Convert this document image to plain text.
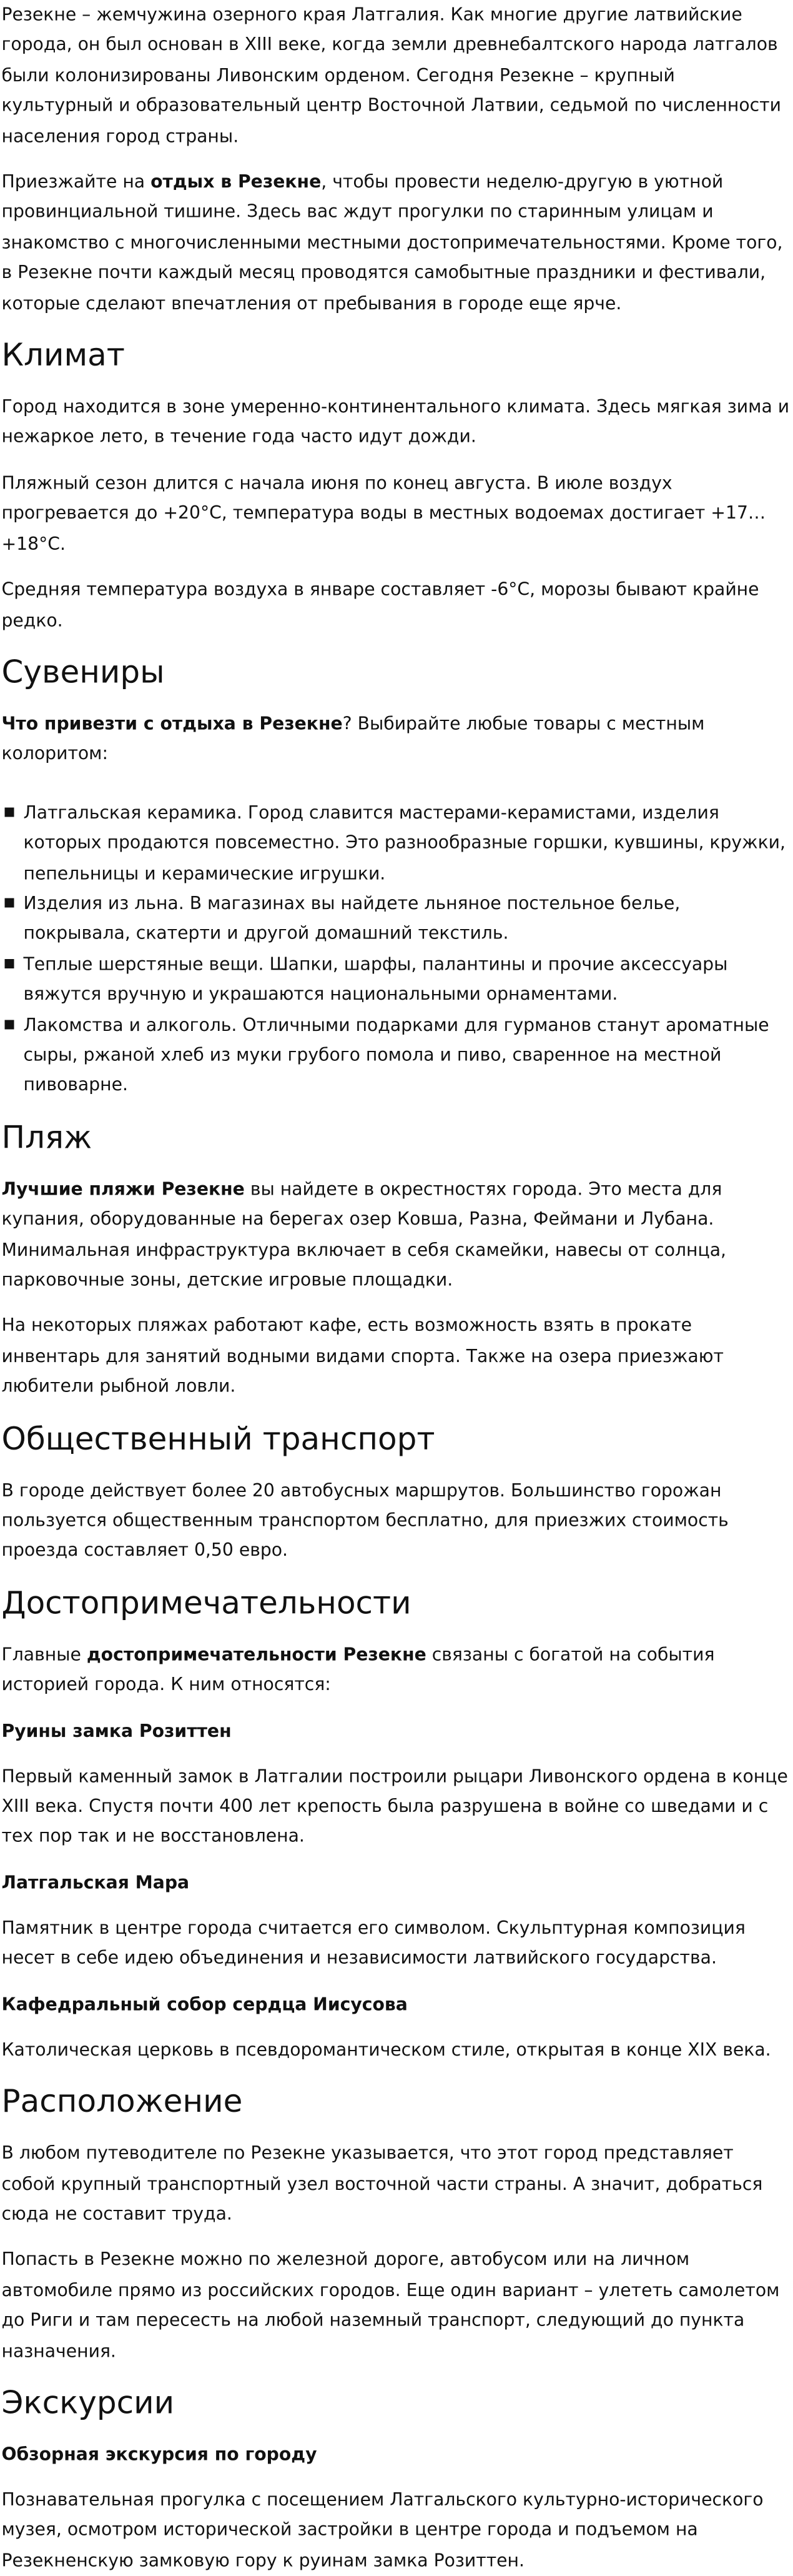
Резекне – жемчужина озерного края Латгалия. Как многие другие латвийские города, он был основан в XIII веке, когда земли древнебалтского народа латгалов были колонизированы Ливонским орденом. Сегодня Резекне – крупный культурный и образовательный центр Восточной Латвии, седьмой по численности населения город страны.

Приезжайте на отдых в Резекне, чтобы провести неделю-другую в уютной провинциальной тишине. Здесь вас ждут прогулки по старинным улицам и знакомство с многочисленными местными достопримечательностями. Кроме того, в Резекне почти каждый месяц проводятся самобытные праздники и фестивали, которые сделают впечатления от пребывания в городе еще ярче.

Климат

Город находится в зоне умеренно-континентального климата. Здесь мягкая зима и нежаркое лето, в течение года часто идут дожди.

Пляжный сезон длится с начала июня по конец августа. В июле воздух прогревается до +20°C, температура воды в местных водоемах достигает +17…+18°C.

Средняя температура воздуха в январе составляет -6°C, морозы бывают крайне редко.

Сувениры

Что привезти с отдыха в Резекне? Выбирайте любые товары с местным колоритом:

Латгальская керамика. Город славится мастерами-керамистами, изделия которых продаются повсеместно. Это разнообразные горшки, кувшины, кружки, пепельницы и керамические игрушки.
Изделия из льна. В магазинах вы найдете льняное постельное белье, покрывала, скатерти и другой домашний текстиль.
Теплые шерстяные вещи. Шапки, шарфы, палантины и прочие аксессуары вяжутся вручную и украшаются национальными орнаментами.
Лакомства и алкоголь. Отличными подарками для гурманов станут ароматные сыры, ржаной хлеб из муки грубого помола и пиво, сваренное на местной пивоварне.
Пляж

Лучшие пляжи Резекне вы найдете в окрестностях города. Это места для купания, оборудованные на берегах озер Ковша, Разна, Феймани и Лубана. Минимальная инфраструктура включает в себя скамейки, навесы от солнца, парковочные зоны, детские игровые площадки.

На некоторых пляжах работают кафе, есть возможность взять в прокате инвентарь для занятий водными видами спорта. Также на озера приезжают любители рыбной ловли.

Общественный транспорт

В городе действует более 20 автобусных маршрутов. Большинство горожан пользуется общественным транспортом бесплатно, для приезжих стоимость проезда составляет 0,50 евро.

Достопримечательности

Главные достопримечательности Резекне связаны с богатой на события историей города. К ним относятся:

Руины замка Розиттен

Первый каменный замок в Латгалии построили рыцари Ливонского ордена в конце XIII века. Спустя почти 400 лет крепость была разрушена в войне со шведами и с тех пор так и не восстановлена.

Латгальская Мара

Памятник в центре города считается его символом. Скульптурная композиция несет в себе идею объединения и независимости латвийского государства.

Кафедральный собор сердца Иисусова

Католическая церковь в псевдоромантическом стиле, открытая в конце XIX века.

Расположение

В любом путеводителе по Резекне указывается, что этот город представляет собой крупный транспортный узел восточной части страны. А значит, добраться сюда не составит труда.

Попасть в Резекне можно по железной дороге, автобусом или на личном автомобиле прямо из российских городов. Еще один вариант – улететь самолетом до Риги и там пересесть на любой наземный транспорт, следующий до пункта назначения.

Экскурсии
Обзорная экскурсия по городу

Познавательная прогулка с посещением Латгальского культурно-исторического музея, осмотром исторической застройки в центре города и подъемом на Резекненскую замковую гору к руинам замка Розиттен.
